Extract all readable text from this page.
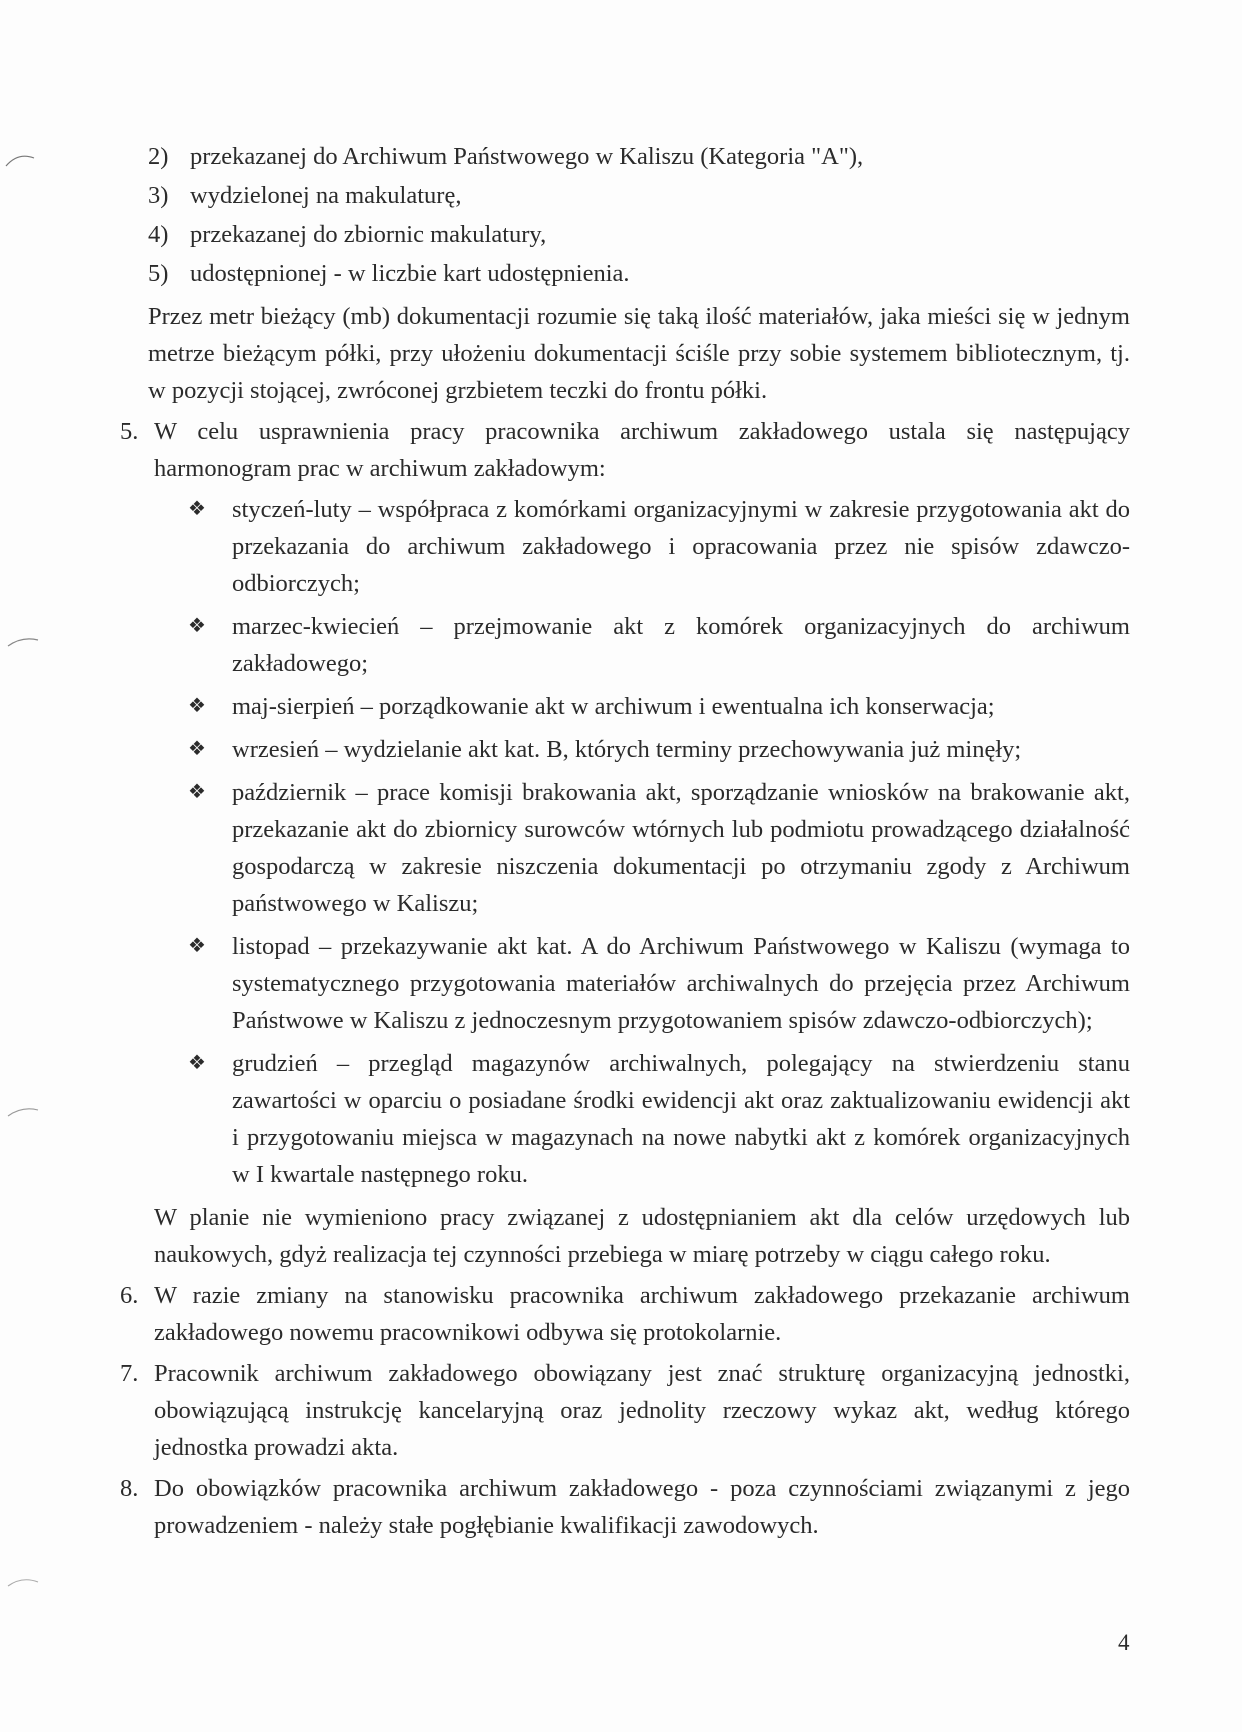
2) przekazanej do Archiwum Państwowego w Kaliszu (Kategoria "A"),
3) wydzielonej na makulaturę,
4) przekazanej do zbiornic makulatury,
5) udostępnionej - w liczbie kart udostępnienia.

Przez metr bieżący (mb) dokumentacji rozumie się taką ilość materiałów, jaka mieści się w jednym metrze bieżącym półki, przy ułożeniu dokumentacji ściśle przy sobie systemem bibliotecznym, tj. w pozycji stojącej, zwróconej grzbietem teczki do frontu półki.

5. W celu usprawnienia pracy pracownika archiwum zakładowego ustala się następujący harmonogram prac w archiwum zakładowym:
❖	styczeń-luty – współpraca z komórkami organizacyjnymi w zakresie przygotowania akt do przekazania do archiwum zakładowego i opracowania przez nie spisów zdawczo-odbiorczych;
❖	marzec-kwiecień – przejmowanie akt z komórek organizacyjnych do archiwum zakładowego;
❖	maj-sierpień – porządkowanie akt w archiwum i ewentualna ich konserwacja;
❖	wrzesień – wydzielanie akt kat. B, których terminy przechowywania już minęły;
❖	październik – prace komisji brakowania akt, sporządzanie wniosków na brakowanie akt, przekazanie akt do zbiornicy surowców wtórnych lub podmiotu prowadzącego działalność gospodarczą w zakresie niszczenia dokumentacji po otrzymaniu zgody z Archiwum państwowego w Kaliszu;
❖	listopad – przekazywanie akt kat. A do Archiwum Państwowego w Kaliszu (wymaga to systematycznego przygotowania materiałów archiwalnych do przejęcia przez Archiwum Państwowe w Kaliszu z jednoczesnym przygotowaniem spisów zdawczo-odbiorczych);
❖	grudzień – przegląd magazynów archiwalnych, polegający na stwierdzeniu stanu zawartości w oparciu o posiadane środki ewidencji akt oraz zaktualizowaniu ewidencji akt i przygotowaniu miejsca w magazynach na nowe nabytki akt z komórek organizacyjnych w I kwartale następnego roku.
W planie nie wymieniono pracy związanej z udostępnianiem akt dla celów urzędowych lub naukowych, gdyż realizacja tej czynności przebiega w miarę potrzeby w ciągu całego roku.
6. W razie zmiany na stanowisku pracownika archiwum zakładowego przekazanie archiwum zakładowego nowemu pracownikowi odbywa się protokolarnie.
7. Pracownik archiwum zakładowego obowiązany jest znać strukturę organizacyjną jednostki, obowiązującą instrukcję kancelaryjną oraz jednolity rzeczowy wykaz akt, według którego jednostka prowadzi akta.
8. Do obowiązków pracownika archiwum zakładowego - poza czynnościami związanymi z jego prowadzeniem - należy stałe pogłębianie kwalifikacji zawodowych.
4
